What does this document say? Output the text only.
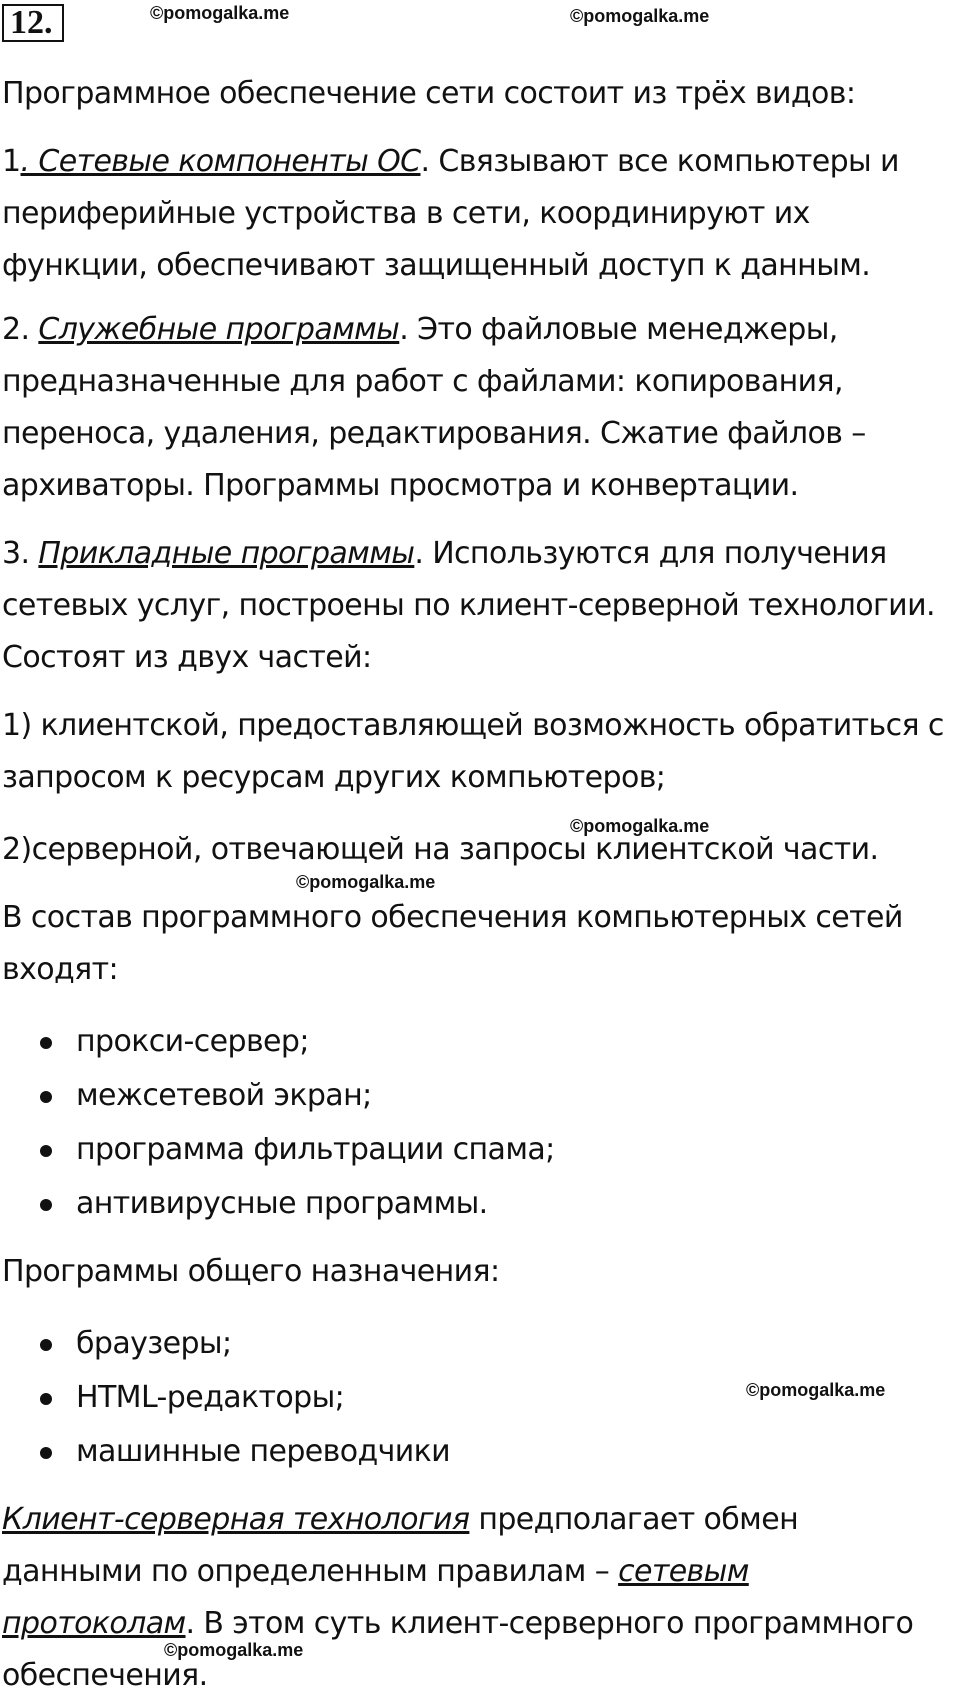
12.	©pomogalka.me	©pomogalka.me
©pomogalka.me
©pomogalka.me
©pomogalka.me
©pomogalka.me
Программное обеспечение сети состоит из трёх видов:
1. Сетевые компоненты ОС. Связывают все компьютеры и
периферийные устройства в сети, координируют их
функции, обеспечивают защищенный доступ к данным.
2. Служебные программы. Это файловые менеджеры,
предназначенные для работ с файлами: копирования,
переноса, удаления, редактирования. Сжатие файлов –
архиваторы. Программы просмотра и конвертации.
3. Прикладные программы. Используются для получения
сетевых услуг, построены по клиент-серверной технологии.
Состоят из двух частей:
1) клиентской, предоставляющей возможность обратиться с
запросом к ресурсам других компьютеров;
2)серверной, отвечающей на запросы клиентской части.
В состав программного обеспечения компьютерных сетей
входят:
прокси-сервер;
межсетевой экран;
программа фильтрации спама;
антивирусные программы.
Программы общего назначения:
браузеры;
HTML-редакторы;
машинные переводчики
Клиент-серверная технология предполагает обмен
данными по определенным правилам – сетевым
протоколам. В этом суть клиент-серверного программного
обеспечения.
